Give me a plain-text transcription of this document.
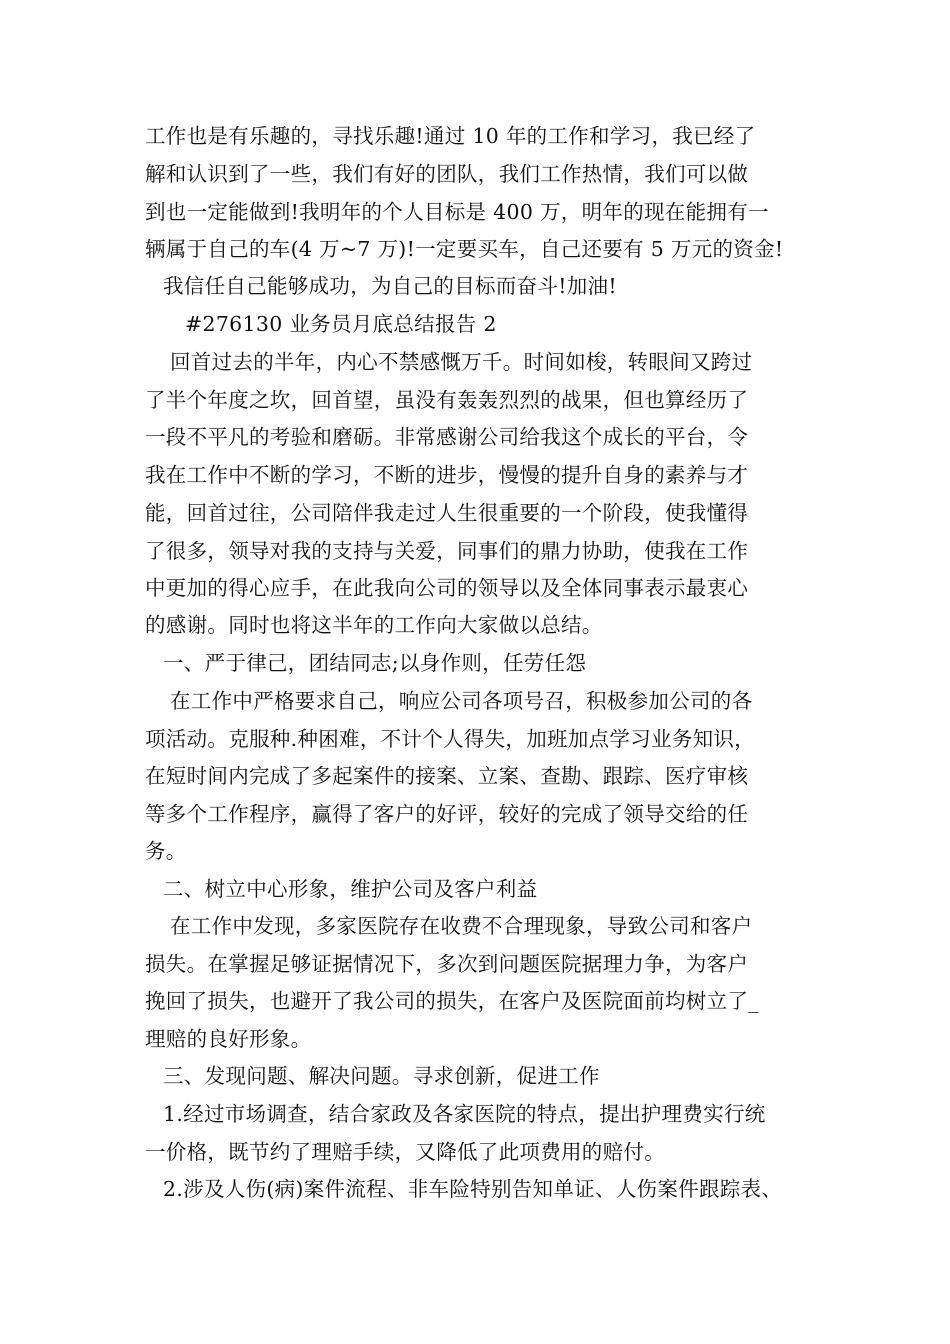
工作也是有乐趣的，寻找乐趣!通过 10 年的工作和学习，我已经了
解和认识到了一些，我们有好的团队，我们工作热情，我们可以做
到也一定能做到!我明年的个人目标是 400 万，明年的现在能拥有一
辆属于自己的车(4 万~7 万)!一定要买车，自己还要有 5 万元的资金!
我信任自己能够成功，为自己的目标而奋斗!加油!
#276130 业务员月底总结报告 2
回首过去的半年，内心不禁感慨万千。时间如梭，转眼间又跨过
了半个年度之坎，回首望，虽没有轰轰烈烈的战果，但也算经历了
一段不平凡的考验和磨砺。非常感谢公司给我这个成长的平台，令
我在工作中不断的学习，不断的进步，慢慢的提升自身的素养与才
能，回首过往，公司陪伴我走过人生很重要的一个阶段，使我懂得
了很多，领导对我的支持与关爱，同事们的鼎力协助，使我在工作
中更加的得心应手，在此我向公司的领导以及全体同事表示最衷心
的感谢。同时也将这半年的工作向大家做以总结。
一、严于律己，团结同志;以身作则，任劳任怨
在工作中严格要求自己，响应公司各项号召，积极参加公司的各
项活动。克服种.种困难，不计个人得失，加班加点学习业务知识，
在短时间内完成了多起案件的接案、立案、查勘、跟踪、医疗审核
等多个工作程序，赢得了客户的好评，较好的完成了领导交给的任
务。
二、树立中心形象，维护公司及客户利益
在工作中发现，多家医院存在收费不合理现象，导致公司和客户
损失。在掌握足够证据情况下，多次到问题医院据理力争，为客户
挽回了损失，也避开了我公司的损失，在客户及医院面前均树立了_
理赔的良好形象。
三、发现问题、解决问题。寻求创新，促进工作
1.经过市场调查，结合家政及各家医院的特点，提出护理费实行统
一价格，既节约了理赔手续，又降低了此项费用的赔付。
2.涉及人伤(病)案件流程、非车险特别告知单证、人伤案件跟踪表、
